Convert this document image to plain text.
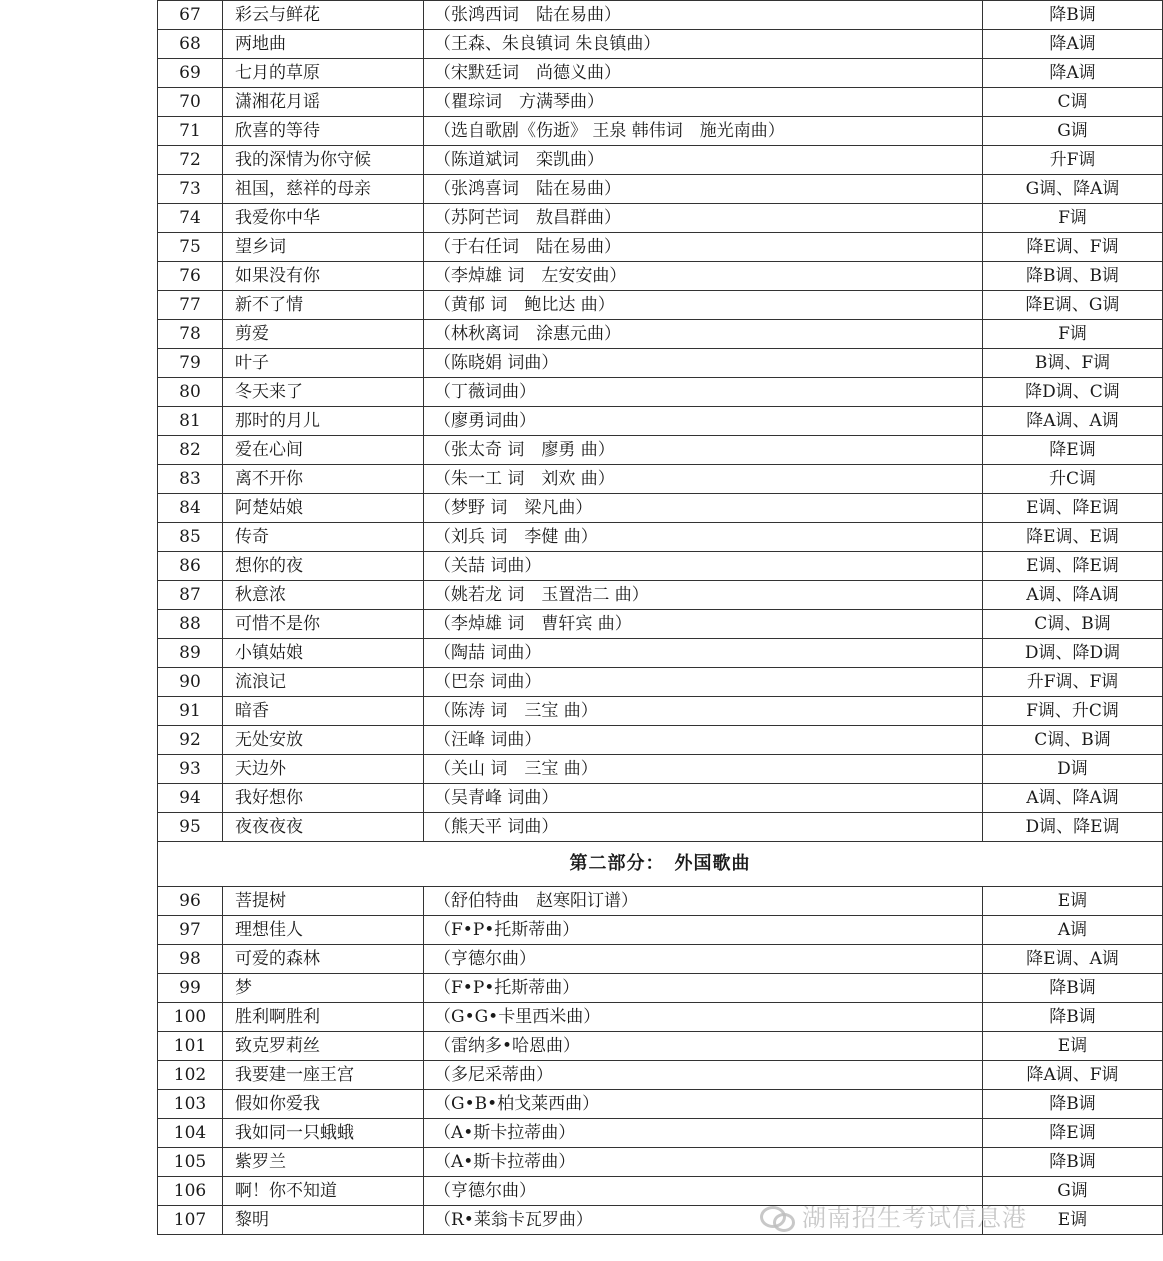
67	彩云与鲜花	（张鸿西词　陆在易曲）	降B调
68	两地曲	（王森、朱良镇词 朱良镇曲）	降A调
69	七月的草原	（宋默廷词　尚德义曲）	降A调
70	潇湘花月谣	（瞿琮词　方满琴曲）	C调
71	欣喜的等待	（选自歌剧《伤逝》 王泉 韩伟词　施光南曲）	G调
72	我的深情为你守候	（陈道斌词　栾凯曲）	升F调
73	祖国，慈祥的母亲	（张鸿喜词　陆在易曲）	G调、降A调
74	我爱你中华	（苏阿芒词　敖昌群曲）	F调
75	望乡词	（于右任词　陆在易曲）	降E调、F调
76	如果没有你	（李焯雄 词　左安安曲）	降B调、B调
77	新不了情	（黄郁 词　鲍比达 曲）	降E调、G调
78	剪爱	（林秋离词　涂惠元曲）	F调
79	叶子	（陈晓娟 词曲）	B调、F调
80	冬天来了	（丁薇词曲）	降D调、C调
81	那时的月儿	（廖勇词曲）	降A调、A调
82	爱在心间	（张太奇 词　廖勇 曲）	降E调
83	离不开你	（朱一工 词　刘欢 曲）	升C调
84	阿楚姑娘	（梦野 词　梁凡曲）	E调、降E调
85	传奇	（刘兵 词　李健 曲）	降E调、E调
86	想你的夜	（关喆 词曲）	E调、降E调
87	秋意浓	（姚若龙 词　玉置浩二 曲）	A调、降A调
88	可惜不是你	（李焯雄 词　曹轩宾 曲）	C调、B调
89	小镇姑娘	（陶喆 词曲）	D调、降D调
90	流浪记	（巴奈 词曲）	升F调、F调
91	暗香	（陈涛 词　三宝 曲）	F调、升C调
92	无处安放	（汪峰 词曲）	C调、B调
93	天边外	（关山 词　三宝 曲）	D调
94	我好想你	（吴青峰 词曲）	A调、降A调
95	夜夜夜夜	（熊天平 词曲）	D调、降E调
第二部分：　外国歌曲			
96	菩提树	（舒伯特曲　赵寒阳订谱）	E调
97	理想佳人	（F•P•托斯蒂曲）	A调
98	可爱的森林	（亨德尔曲）	降E调、A调
99	梦	（F•P•托斯蒂曲）	降B调
100	胜利啊胜利	（G•G•卡里西米曲）	降B调
101	致克罗莉丝	（雷纳多•哈恩曲）	E调
102	我要建一座王宫	（多尼采蒂曲）	降A调、F调
103	假如你爱我	（G•B•柏戈莱西曲）	降B调
104	我如同一只蛾蛾	（A•斯卡拉蒂曲）	降E调
105	紫罗兰	（A•斯卡拉蒂曲）	降B调
106	啊！你不知道	（亨德尔曲）	G调
107	黎明	（R•莱翁卡瓦罗曲）	E调
湖南招生考试信息港
